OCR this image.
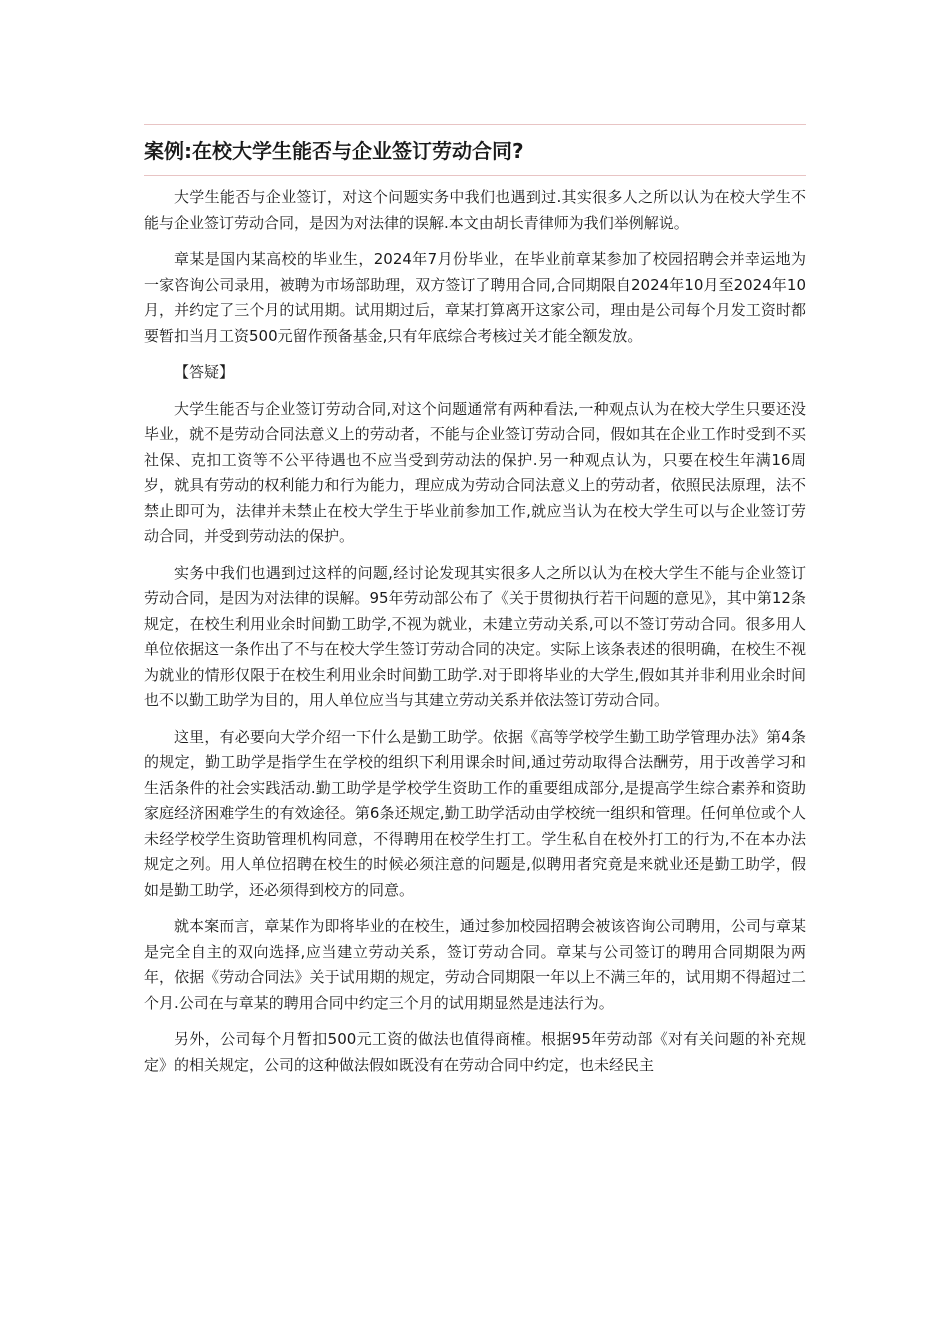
案例:在校大学生能否与企业签订劳动合同?

大学生能否与企业签订，对这个问题实务中我们也遇到过.其实很多人之所以认为在校大学生不能与企业签订劳动合同，是因为对法律的误解.本文由胡长青律师为我们举例解说。

章某是国内某高校的毕业生，2024年7月份毕业，在毕业前章某参加了校园招聘会并幸运地为一家咨询公司录用，被聘为市场部助理，双方签订了聘用合同,合同期限自2024年10月至2024年10月，并约定了三个月的试用期。试用期过后，章某打算离开这家公司，理由是公司每个月发工资时都要暂扣当月工资500元留作预备基金,只有年底综合考核过关才能全额发放。

【答疑】

大学生能否与企业签订劳动合同,对这个问题通常有两种看法,一种观点认为在校大学生只要还没毕业，就不是劳动合同法意义上的劳动者，不能与企业签订劳动合同，假如其在企业工作时受到不买社保、克扣工资等不公平待遇也不应当受到劳动法的保护.另一种观点认为，只要在校生年满16周岁，就具有劳动的权利能力和行为能力，理应成为劳动合同法意义上的劳动者，依照民法原理，法不禁止即可为，法律并未禁止在校大学生于毕业前参加工作,就应当认为在校大学生可以与企业签订劳动合同，并受到劳动法的保护。

实务中我们也遇到过这样的问题,经讨论发现其实很多人之所以认为在校大学生不能与企业签订劳动合同，是因为对法律的误解。95年劳动部公布了《关于贯彻执行若干问题的意见》，其中第12条规定，在校生利用业余时间勤工助学,不视为就业，未建立劳动关系,可以不签订劳动合同。很多用人单位依据这一条作出了不与在校大学生签订劳动合同的决定。实际上该条表述的很明确，在校生不视为就业的情形仅限于在校生利用业余时间勤工助学.对于即将毕业的大学生,假如其并非利用业余时间也不以勤工助学为目的，用人单位应当与其建立劳动关系并依法签订劳动合同。

这里，有必要向大学介绍一下什么是勤工助学。依据《高等学校学生勤工助学管理办法》第4条的规定，勤工助学是指学生在学校的组织下利用课余时间,通过劳动取得合法酬劳，用于改善学习和生活条件的社会实践活动.勤工助学是学校学生资助工作的重要组成部分,是提高学生综合素养和资助家庭经济困难学生的有效途径。第6条还规定,勤工助学活动由学校统一组织和管理。任何单位或个人未经学校学生资助管理机构同意，不得聘用在校学生打工。学生私自在校外打工的行为,不在本办法规定之列。用人单位招聘在校生的时候必须注意的问题是,似聘用者究竟是来就业还是勤工助学，假如是勤工助学，还必须得到校方的同意。

就本案而言，章某作为即将毕业的在校生，通过参加校园招聘会被该咨询公司聘用，公司与章某是完全自主的双向选择,应当建立劳动关系，签订劳动合同。章某与公司签订的聘用合同期限为两年，依据《劳动合同法》关于试用期的规定，劳动合同期限一年以上不满三年的，试用期不得超过二个月.公司在与章某的聘用合同中约定三个月的试用期显然是违法行为。

另外，公司每个月暂扣500元工资的做法也值得商榷。根据95年劳动部《对有关问题的补充规定》的相关规定，公司的这种做法假如既没有在劳动合同中约定，也未经民主
